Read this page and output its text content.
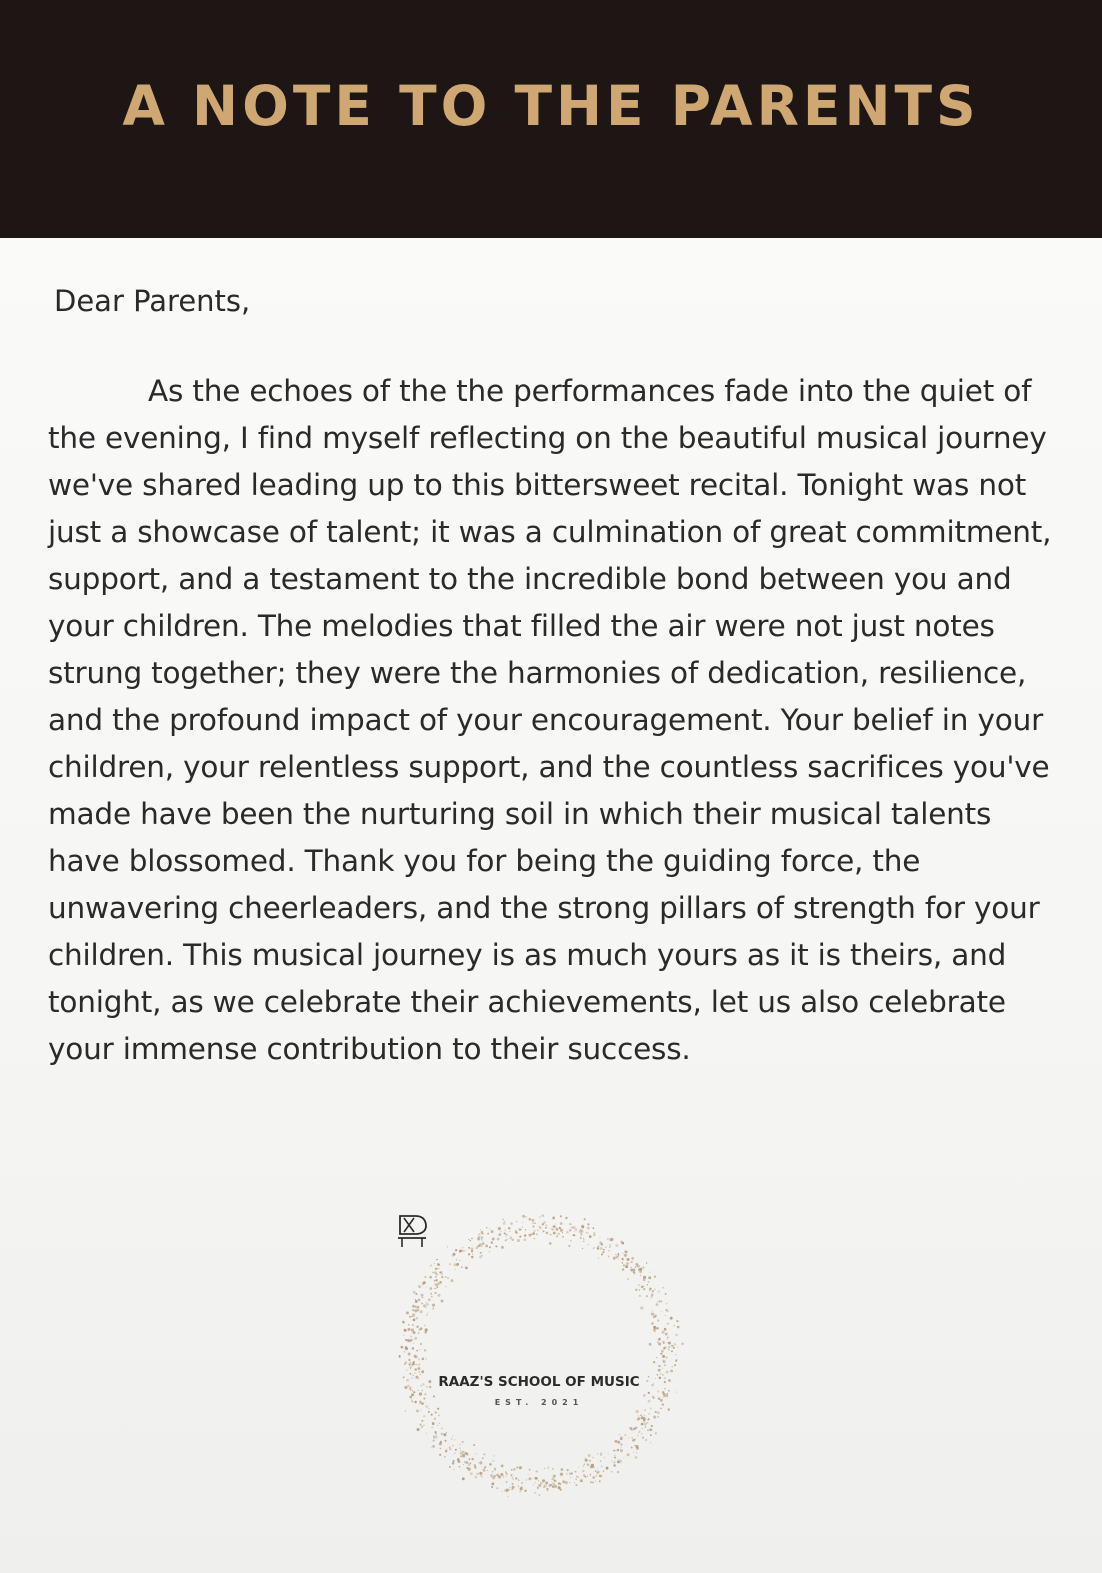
A NOTE TO THE PARENTS

Dear Parents,

As the echoes of the the performances fade into the quiet of the evening, I find myself reflecting on the beautiful musical journey we've shared leading up to this bittersweet recital. Tonight was not just a showcase of talent; it was a culmination of great commitment, support, and a testament to the incredible bond between you and your children. The melodies that filled the air were not just notes strung together; they were the harmonies of dedication, resilience, and the profound impact of your encouragement. Your belief in your children, your relentless support, and the countless sacrifices you've made have been the nurturing soil in which their musical talents have blossomed. Thank you for being the guiding force, the unwavering cheerleaders, and the strong pillars of strength for your children. This musical journey is as much yours as it is theirs, and tonight, as we celebrate their achievements, let us also celebrate your immense contribution to their success.

RAAZ'S SCHOOL OF MUSIC
EST. 2021
